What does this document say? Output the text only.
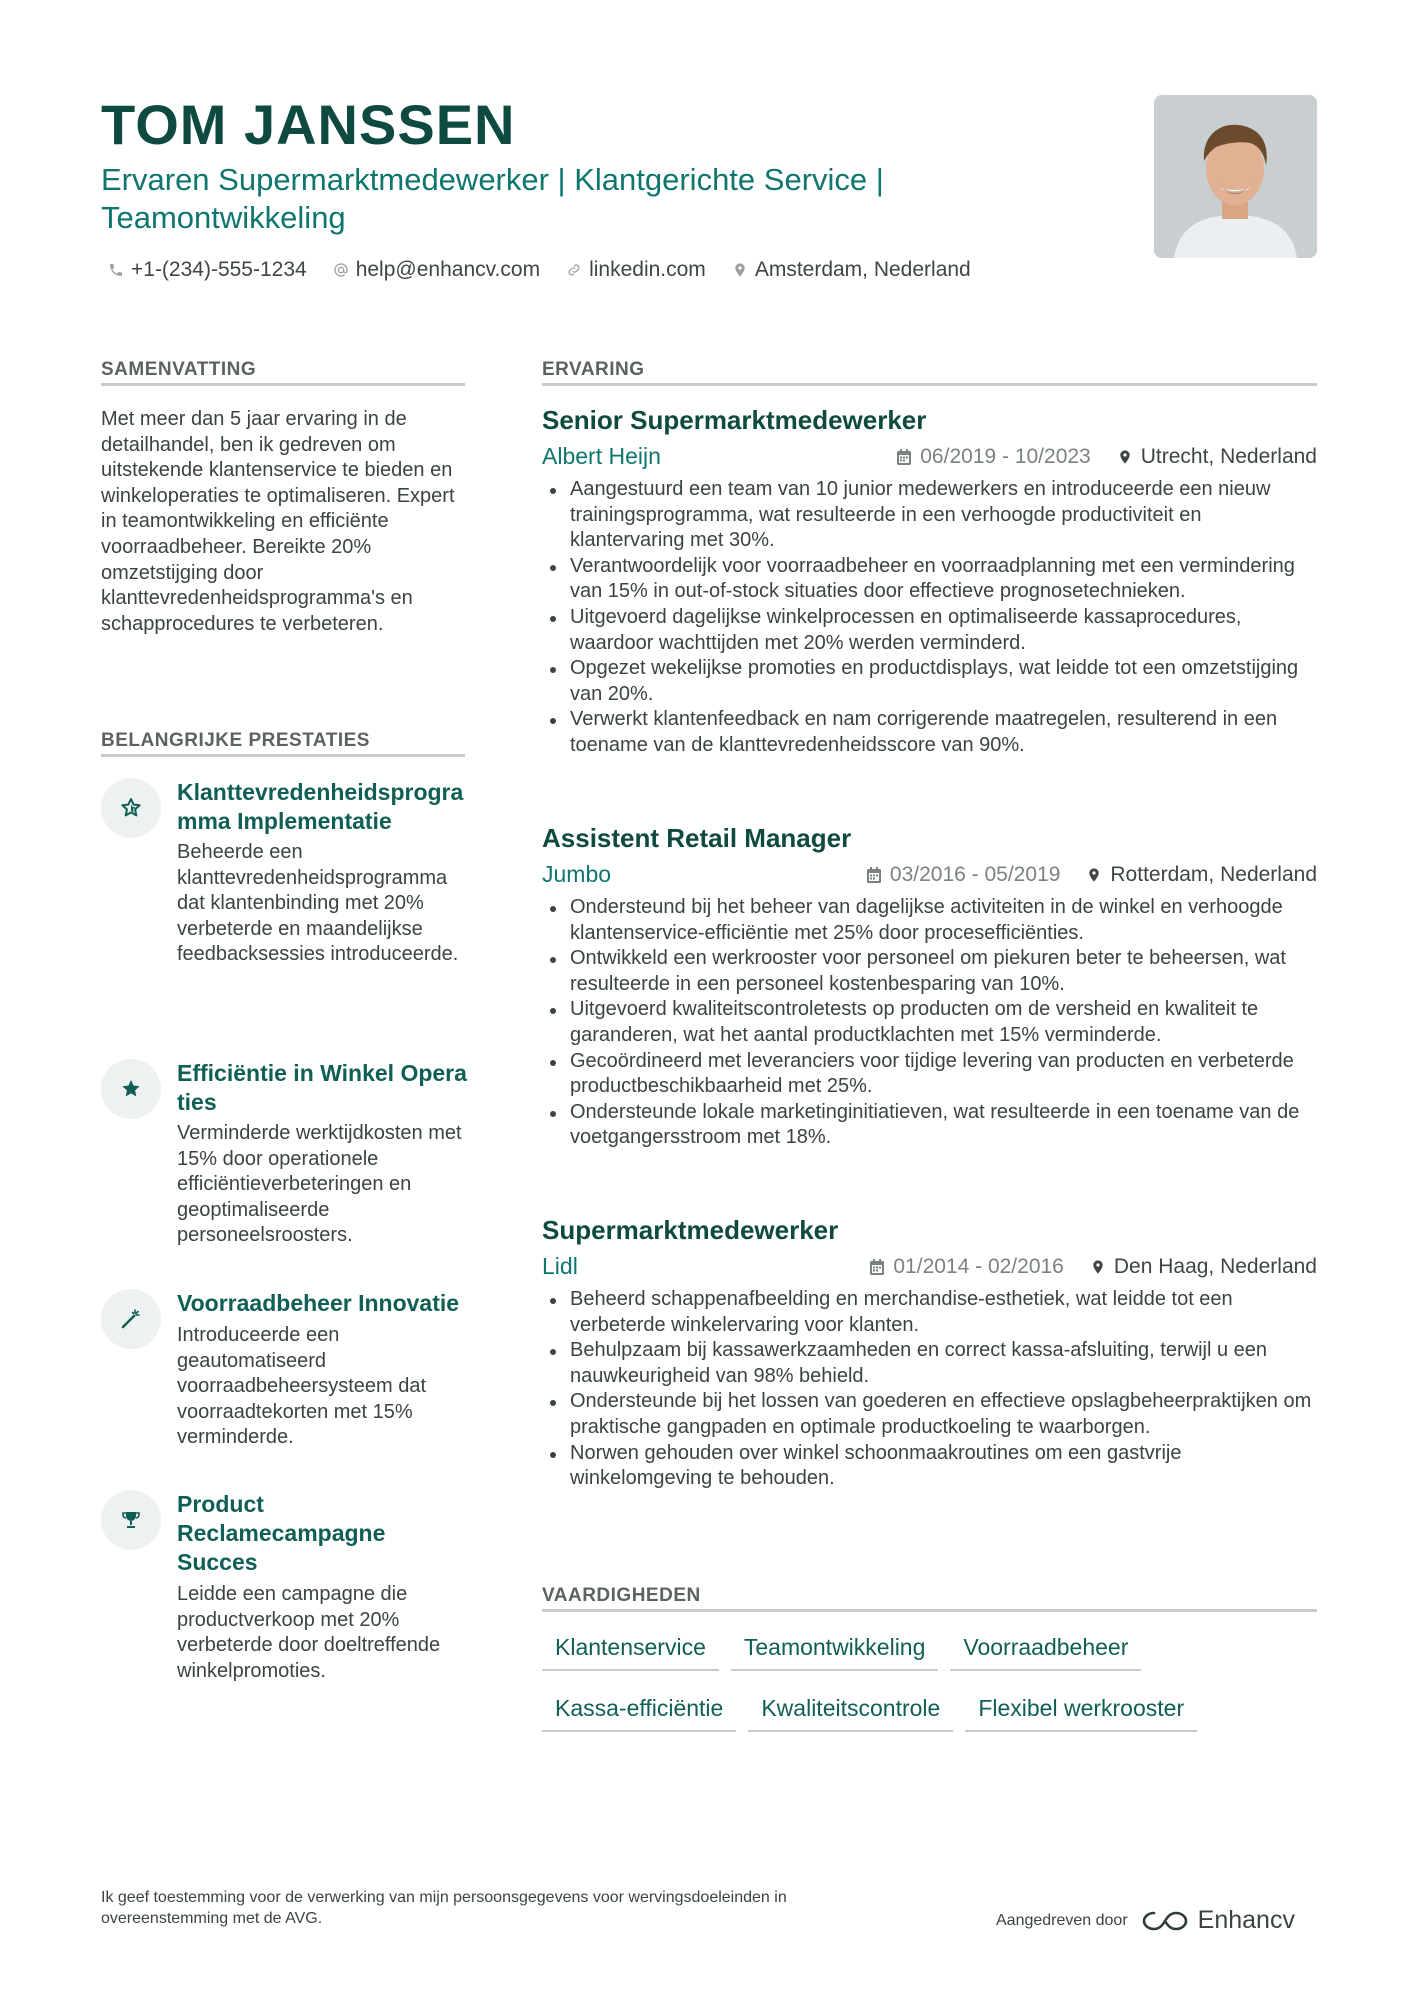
TOM JANSSEN

Ervaren Supermarktmedewerker | Klantgerichte Service | Teamontwikkeling

+1-(234)-555-1234 help@enhancv.com linkedin.com Amsterdam, Nederland
SAMENVATTING

Met meer dan 5 jaar ervaring in de detailhandel, ben ik gedreven om uitstekende klantenservice te bieden en winkeloperaties te optimaliseren. Expert in teamontwikkeling en efficiënte voorraadbeheer. Bereikte 20% omzetstijging door klanttevredenheidsprogramma's en schapprocedures te verbeteren.

BELANGRIJKE PRESTATIES
Klanttevredenheidsprogramma Implementatie

Beheerde een klanttevredenheidsprogramma dat klantenbinding met 20% verbeterde en maandelijkse feedbacksessies introduceerde.

Efficiëntie in Winkel Operaties

Verminderde werktijdkosten met 15% door operationele efficiëntieverbeteringen en geoptimaliseerde personeelsroosters.

Voorraadbeheer Innovatie

Introduceerde een geautomatiseerd voorraadbeheersysteem dat voorraadtekorten met 15% verminderde.

Product Reclamecampagne Succes

Leidde een campagne die productverkoop met 20% verbeterde door doeltreffende winkelpromoties.

ERVARING
Senior Supermarktmedewerker
Albert Heijn	06/2019 - 10/2023 Utrecht, Nederland
Aangestuurd een team van 10 junior medewerkers en introduceerde een nieuw trainingsprogramma, wat resulteerde in een verhoogde productiviteit en klantervaring met 30%.
Verantwoordelijk voor voorraadbeheer en voorraadplanning met een vermindering van 15% in out-of-stock situaties door effectieve prognosetechnieken.
Uitgevoerd dagelijkse winkelprocessen en optimaliseerde kassaprocedures, waardoor wachttijden met 20% werden verminderd.
Opgezet wekelijkse promoties en productdisplays, wat leidde tot een omzetstijging van 20%.
Verwerkt klantenfeedback en nam corrigerende maatregelen, resulterend in een toename van de klanttevredenheidsscore van 90%.
Assistent Retail Manager
Jumbo	03/2016 - 05/2019 Rotterdam, Nederland
Ondersteund bij het beheer van dagelijkse activiteiten in de winkel en verhoogde klantenservice-efficiëntie met 25% door procesefficiënties.
Ontwikkeld een werkrooster voor personeel om piekuren beter te beheersen, wat resulteerde in een personeel kostenbesparing van 10%.
Uitgevoerd kwaliteitscontroletests op producten om de versheid en kwaliteit te garanderen, wat het aantal productklachten met 15% verminderde.
Gecoördineerd met leveranciers voor tijdige levering van producten en verbeterde productbeschikbaarheid met 25%.
Ondersteunde lokale marketinginitiatieven, wat resulteerde in een toename van de voetgangersstroom met 18%.
Supermarktmedewerker
Lidl	01/2014 - 02/2016 Den Haag, Nederland
Beheerd schappenafbeelding en merchandise-esthetiek, wat leidde tot een verbeterde winkelervaring voor klanten.
Behulpzaam bij kassawerkzaamheden en correct kassa-afsluiting, terwijl u een nauwkeurigheid van 98% behield.
Ondersteunde bij het lossen van goederen en effectieve opslagbeheerpraktijken om praktische gangpaden en optimale productkoeling te waarborgen.
Norwen gehouden over winkel schoonmaakroutines om een gastvrije winkelomgeving te behouden.
VAARDIGHEDEN
Klantenservice	Teamontwikkeling	Voorraadbeheer
Kassa-efficiëntie	Kwaliteitscontrole	Flexibel werkrooster

Ik geef toestemming voor de verwerking van mijn persoonsgegevens voor wervingsdoeleinden in overeenstemming met de AVG.	Aangedreven door	Enhancv
